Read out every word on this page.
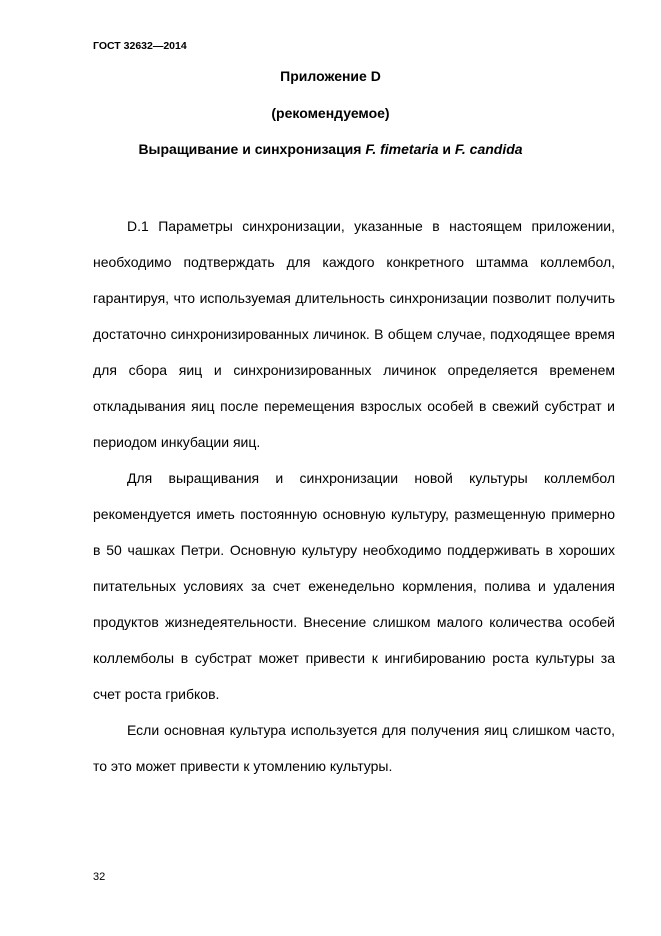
ГОСТ 32632—2014
Приложение D
(рекомендуемое)
Выращивание и синхронизация F. fimetaria и F. candida

D.1 Параметры синхронизации, указанные в настоящем приложении, необходимо подтверждать для каждого конкретного штамма коллембол, гарантируя, что используемая длительность синхронизации позволит получить достаточно синхронизированных личинок. В общем случае, подходящее время для сбора яиц и синхронизированных личинок определяется временем откладывания яиц после перемещения взрослых особей в свежий субстрат и периодом инкубации яиц.

Для выращивания и синхронизации новой культуры коллембол рекомендуется иметь постоянную основную культуру, размещенную примерно в 50 чашках Петри. Основную культуру необходимо поддерживать в хороших питательных условиях за счет еженедельно кормления, полива и удаления продуктов жизнедеятельности. Внесение слишком малого количества особей коллемболы в субстрат может привести к ингибированию роста культуры за счет роста грибков.

Если основная культура используется для получения яиц слишком часто, то это может привести к утомлению культуры.

32
